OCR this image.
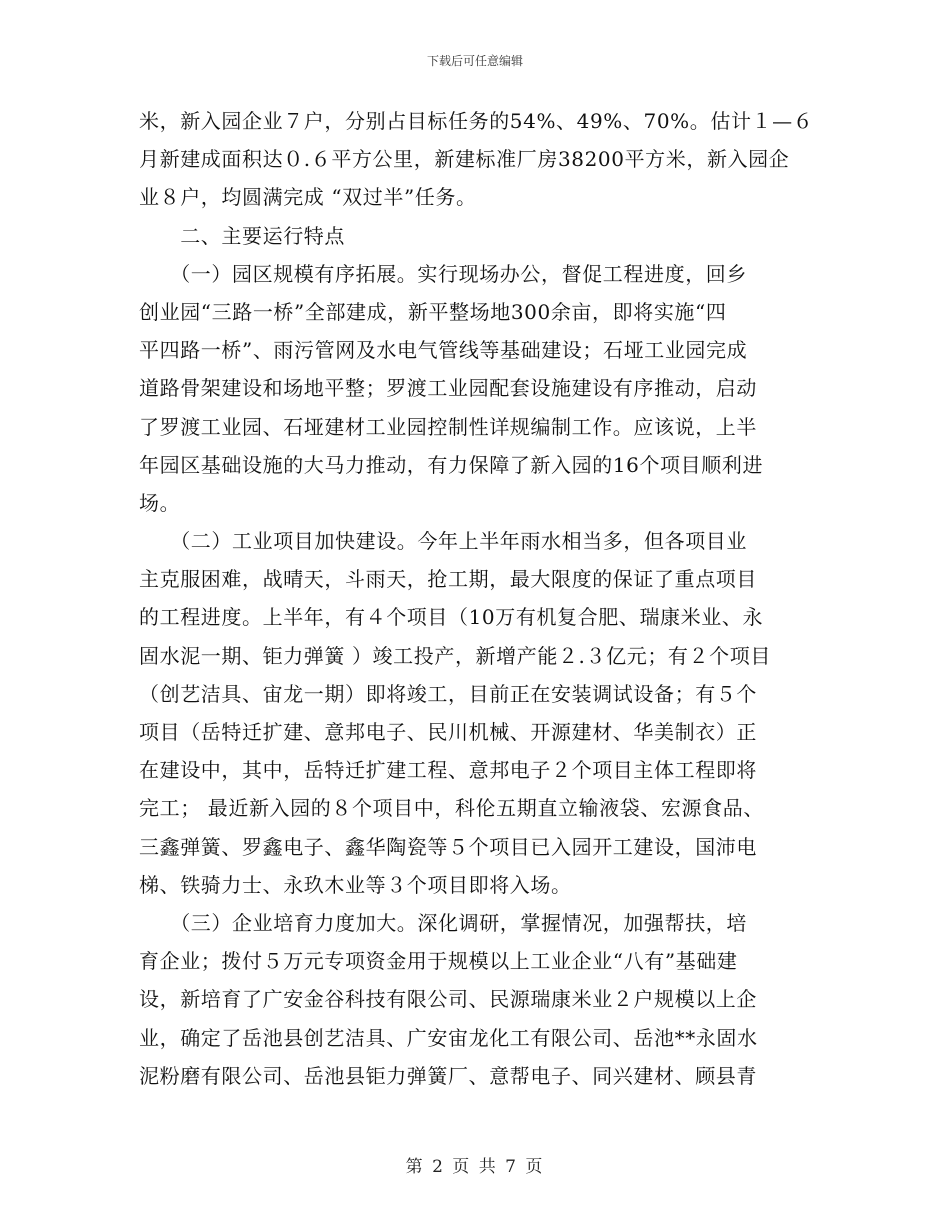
下载后可任意编辑
米，新入园企业７户，分别占目标任务的54%、49%、70%。估计１—６
月新建成面积达０.６平方公里，新建标准厂房38200平方米，新入园企
业８户，均圆满完成 “双过半”任务。
　　二、主要运行特点
　　（一）园区规模有序拓展。实行现场办公，督促工程进度，回乡
创业园“三路一桥”全部建成，新平整场地300余亩，即将实施“四
平四路一桥”、雨污管网及水电气管线等基础建设；石垭工业园完成
道路骨架建设和场地平整；罗渡工业园配套设施建设有序推动，启动
了罗渡工业园、石垭建材工业园控制性详规编制工作。应该说，上半
年园区基础设施的大马力推动，有力保障了新入园的16个项目顺利进
场。
　　（二）工业项目加快建设。今年上半年雨水相当多，但各项目业
主克服困难，战晴天，斗雨天，抢工期，最大限度的保证了重点项目
的工程进度。上半年，有４个项目（10万有机复合肥、瑞康米业、永
固水泥一期、钜力弹簧 ）竣工投产，新增产能２.３亿元；有２个项目
（创艺洁具、宙龙一期）即将竣工，目前正在安装调试设备；有５个
项目（岳特迁扩建、意邦电子、民川机械、开源建材、华美制衣）正
在建设中，其中，岳特迁扩建工程、意邦电子２个项目主体工程即将
完工； 最近新入园的８个项目中，科伦五期直立输液袋、宏源食品、
三鑫弹簧、罗鑫电子、鑫华陶瓷等５个项目已入园开工建设，国沛电
梯、铁骑力士、永玖木业等３个项目即将入场。
　　（三）企业培育力度加大。深化调研，掌握情况，加强帮扶，培
育企业；拨付５万元专项资金用于规模以上工业企业“八有”基础建
设，新培育了广安金谷科技有限公司、民源瑞康米业２户规模以上企
业，确定了岳池县创艺洁具、广安宙龙化工有限公司、岳池**永固水
泥粉磨有限公司、岳池县钜力弹簧厂、意帮电子、同兴建材、顾县青
第 2 页 共 7 页
